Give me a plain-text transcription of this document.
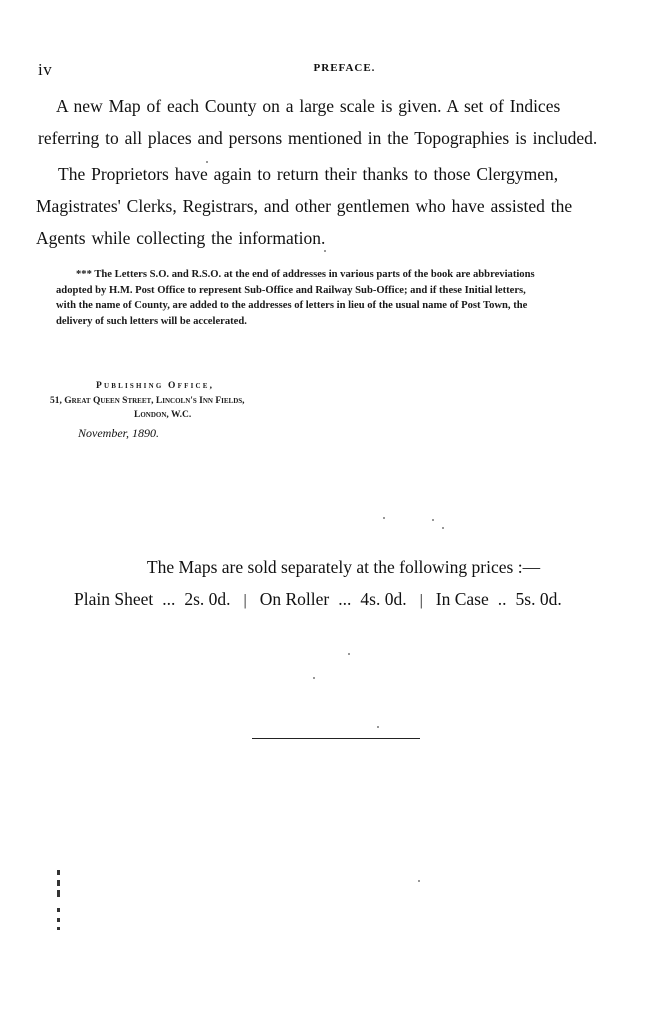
iv	PREFACE.
A new Map of each County on a large scale is given. A set of Indices
referring to all places and persons mentioned in the Topographies is included.
The Proprietors have again to return their thanks to those Clergymen,
Magistrates' Clerks, Registrars, and other gentlemen who have assisted the
Agents while collecting the information.
*** The Letters S.O. and R.S.O. at the end of addresses in various parts of the book are abbreviations
adopted by H.M. Post Office to represent Sub-Office and Railway Sub-Office; and if these Initial letters,
with the name of County, are added to the addresses of letters in lieu of the usual name of Post Town, the
delivery of such letters will be accelerated.
Publishing Office,
51, Great Queen Street, Lincoln's Inn Fields,
London, W.C.
November, 1890.
The Maps are sold separately at the following prices :—
Plain Sheet ... 2s. 0d. | On Roller ... 4s. 0d. | In Case .. 5s. 0d.
